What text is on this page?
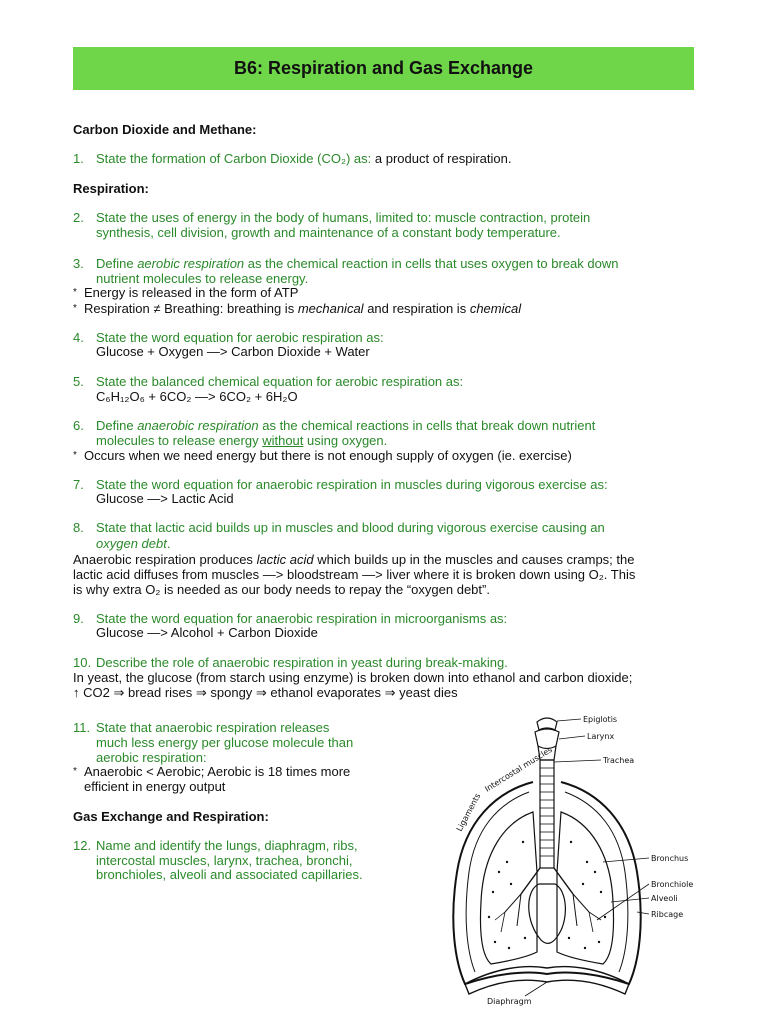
B6: Respiration and Gas Exchange
Carbon Dioxide and Methane:
1. State the formation of Carbon Dioxide (CO₂) as: a product of respiration.
Respiration:
2. State the uses of energy in the body of humans, limited to: muscle contraction, protein
synthesis, cell division, growth and maintenance of a constant body temperature.
3. Define aerobic respiration as the chemical reaction in cells that uses oxygen to break down
nutrient molecules to release energy.
* Energy is released in the form of ATP
* Respiration ≠ Breathing: breathing is mechanical and respiration is chemical
4. State the word equation for aerobic respiration as:
Glucose + Oxygen —> Carbon Dioxide + Water
5. State the balanced chemical equation for aerobic respiration as:
C₆H₁₂O₆ + 6CO₂ —> 6CO₂ + 6H₂O
6. Define anaerobic respiration as the chemical reactions in cells that break down nutrient
molecules to release energy without using oxygen.
* Occurs when we need energy but there is not enough supply of oxygen (ie. exercise)
7. State the word equation for anaerobic respiration in muscles during vigorous exercise as:
Glucose —> Lactic Acid
8. State that lactic acid builds up in muscles and blood during vigorous exercise causing an
oxygen debt.
Anaerobic respiration produces lactic acid which builds up in the muscles and causes cramps; the
lactic acid diffuses from muscles —> bloodstream —> liver where it is broken down using O₂. This
is why extra O₂ is needed as our body needs to repay the “oxygen debt”.
9. State the word equation for anaerobic respiration in microorganisms as:
Glucose —> Alcohol + Carbon Dioxide
10. Describe the role of anaerobic respiration in yeast during break-making.
In yeast, the glucose (from starch using enzyme) is broken down into ethanol and carbon dioxide;
↑ CO2 ⇒ bread rises ⇒ spongy ⇒ ethanol evaporates ⇒ yeast dies
11. State that anaerobic respiration releases
much less energy per glucose molecule than
aerobic respiration:
* Anaerobic < Aerobic; Aerobic is 18 times more
efficient in energy output
Gas Exchange and Respiration:
12. Name and identify the lungs, diaphragm, ribs,
intercostal muscles, larynx, trachea, bronchi,
bronchioles, alveoli and associated capillaries.
Epiglotis
Larynx
Trachea
Intercostal muscles
Ligaments
Bronchus
Bronchiole
Alveoli
Ribcage
Diaphragm
